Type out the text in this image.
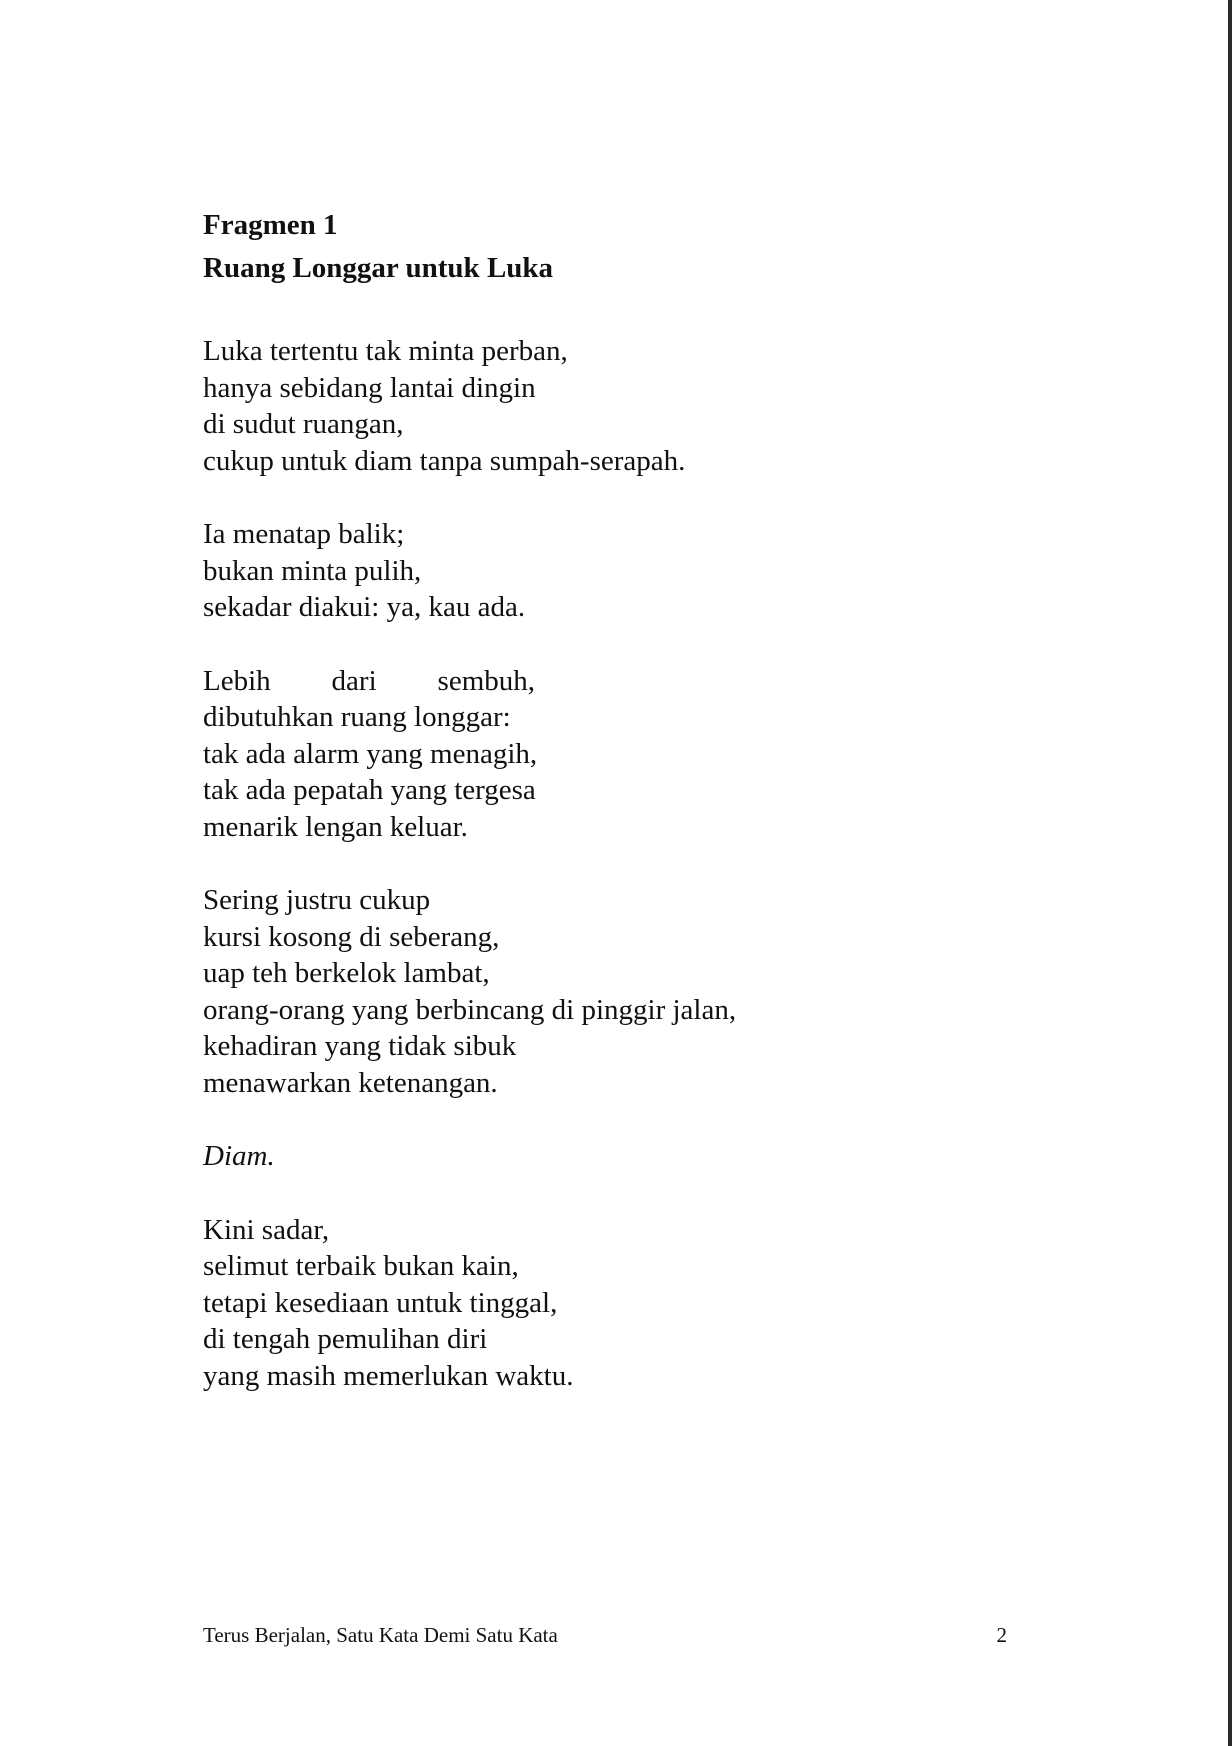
Fragmen 1
Ruang Longgar untuk Luka
Luka tertentu tak minta perban,
hanya sebidang lantai dingin
di sudut ruangan,
cukup untuk diam tanpa sumpah-serapah.
Ia menatap balik;
bukan minta pulih,
sekadar diakui: ya, kau ada.
Lebih dari sembuh,
dibutuhkan ruang longgar:
tak ada alarm yang menagih,
tak ada pepatah yang tergesa
menarik lengan keluar.
Sering justru cukup
kursi kosong di seberang,
uap teh berkelok lambat,
orang-orang yang berbincang di pinggir jalan,
kehadiran yang tidak sibuk
menawarkan ketenangan.
Diam.
Kini sadar,
selimut terbaik bukan kain,
tetapi kesediaan untuk tinggal,
di tengah pemulihan diri
yang masih memerlukan waktu.
Terus Berjalan, Satu Kata Demi Satu Kata	2
